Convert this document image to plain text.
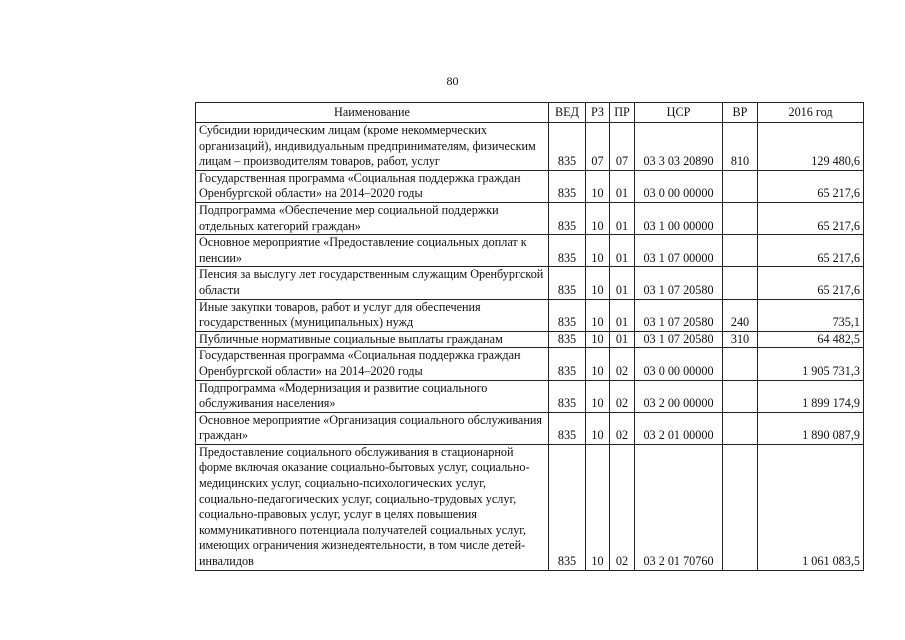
80
Наименование	ВЕД	РЗ	ПР	ЦСР	ВР	2016 год
Субсидии юридическим лицам (кроме некоммерческих организаций), индивидуальным предпринимателям, физическим лицам – производителям товаров, работ, услуг	835	07	07	03 3 03 20890	810	129 480,6
Государственная программа «Социальная поддержка граждан Оренбургской области» на 2014–2020 годы	835	10	01	03 0 00 00000		65 217,6
Подпрограмма «Обеспечение мер социальной поддержки отдельных категорий граждан»	835	10	01	03 1 00 00000		65 217,6
Основное мероприятие «Предоставление социальных доплат к пенсии»	835	10	01	03 1 07 00000		65 217,6
Пенсия за выслугу лет государственным служащим Оренбургской области	835	10	01	03 1 07 20580		65 217,6
Иные закупки товаров, работ и услуг для обеспечения государственных (муниципальных) нужд	835	10	01	03 1 07 20580	240	735,1
Публичные нормативные социальные выплаты гражданам	835	10	01	03 1 07 20580	310	64 482,5
Государственная программа «Социальная поддержка граждан Оренбургской области» на 2014–2020 годы	835	10	02	03 0 00 00000		1 905 731,3
Подпрограмма «Модернизация и развитие социального обслуживания населения»	835	10	02	03 2 00 00000		1 899 174,9
Основное мероприятие «Организация социального обслуживания граждан»	835	10	02	03 2 01 00000		1 890 087,9
Предоставление социального обслуживания в стационарной форме включая оказание социально-бытовых услуг, социально-медицинских услуг, социально-психологических услуг, социально-педагогических услуг, социально-трудовых услуг, социально-правовых услуг, услуг в целях повышения коммуникативного потенциала получателей социальных услуг, имеющих ограничения жизнедеятельности, в том числе детей-инвалидов	835	10	02	03 2 01 70760		1 061 083,5
